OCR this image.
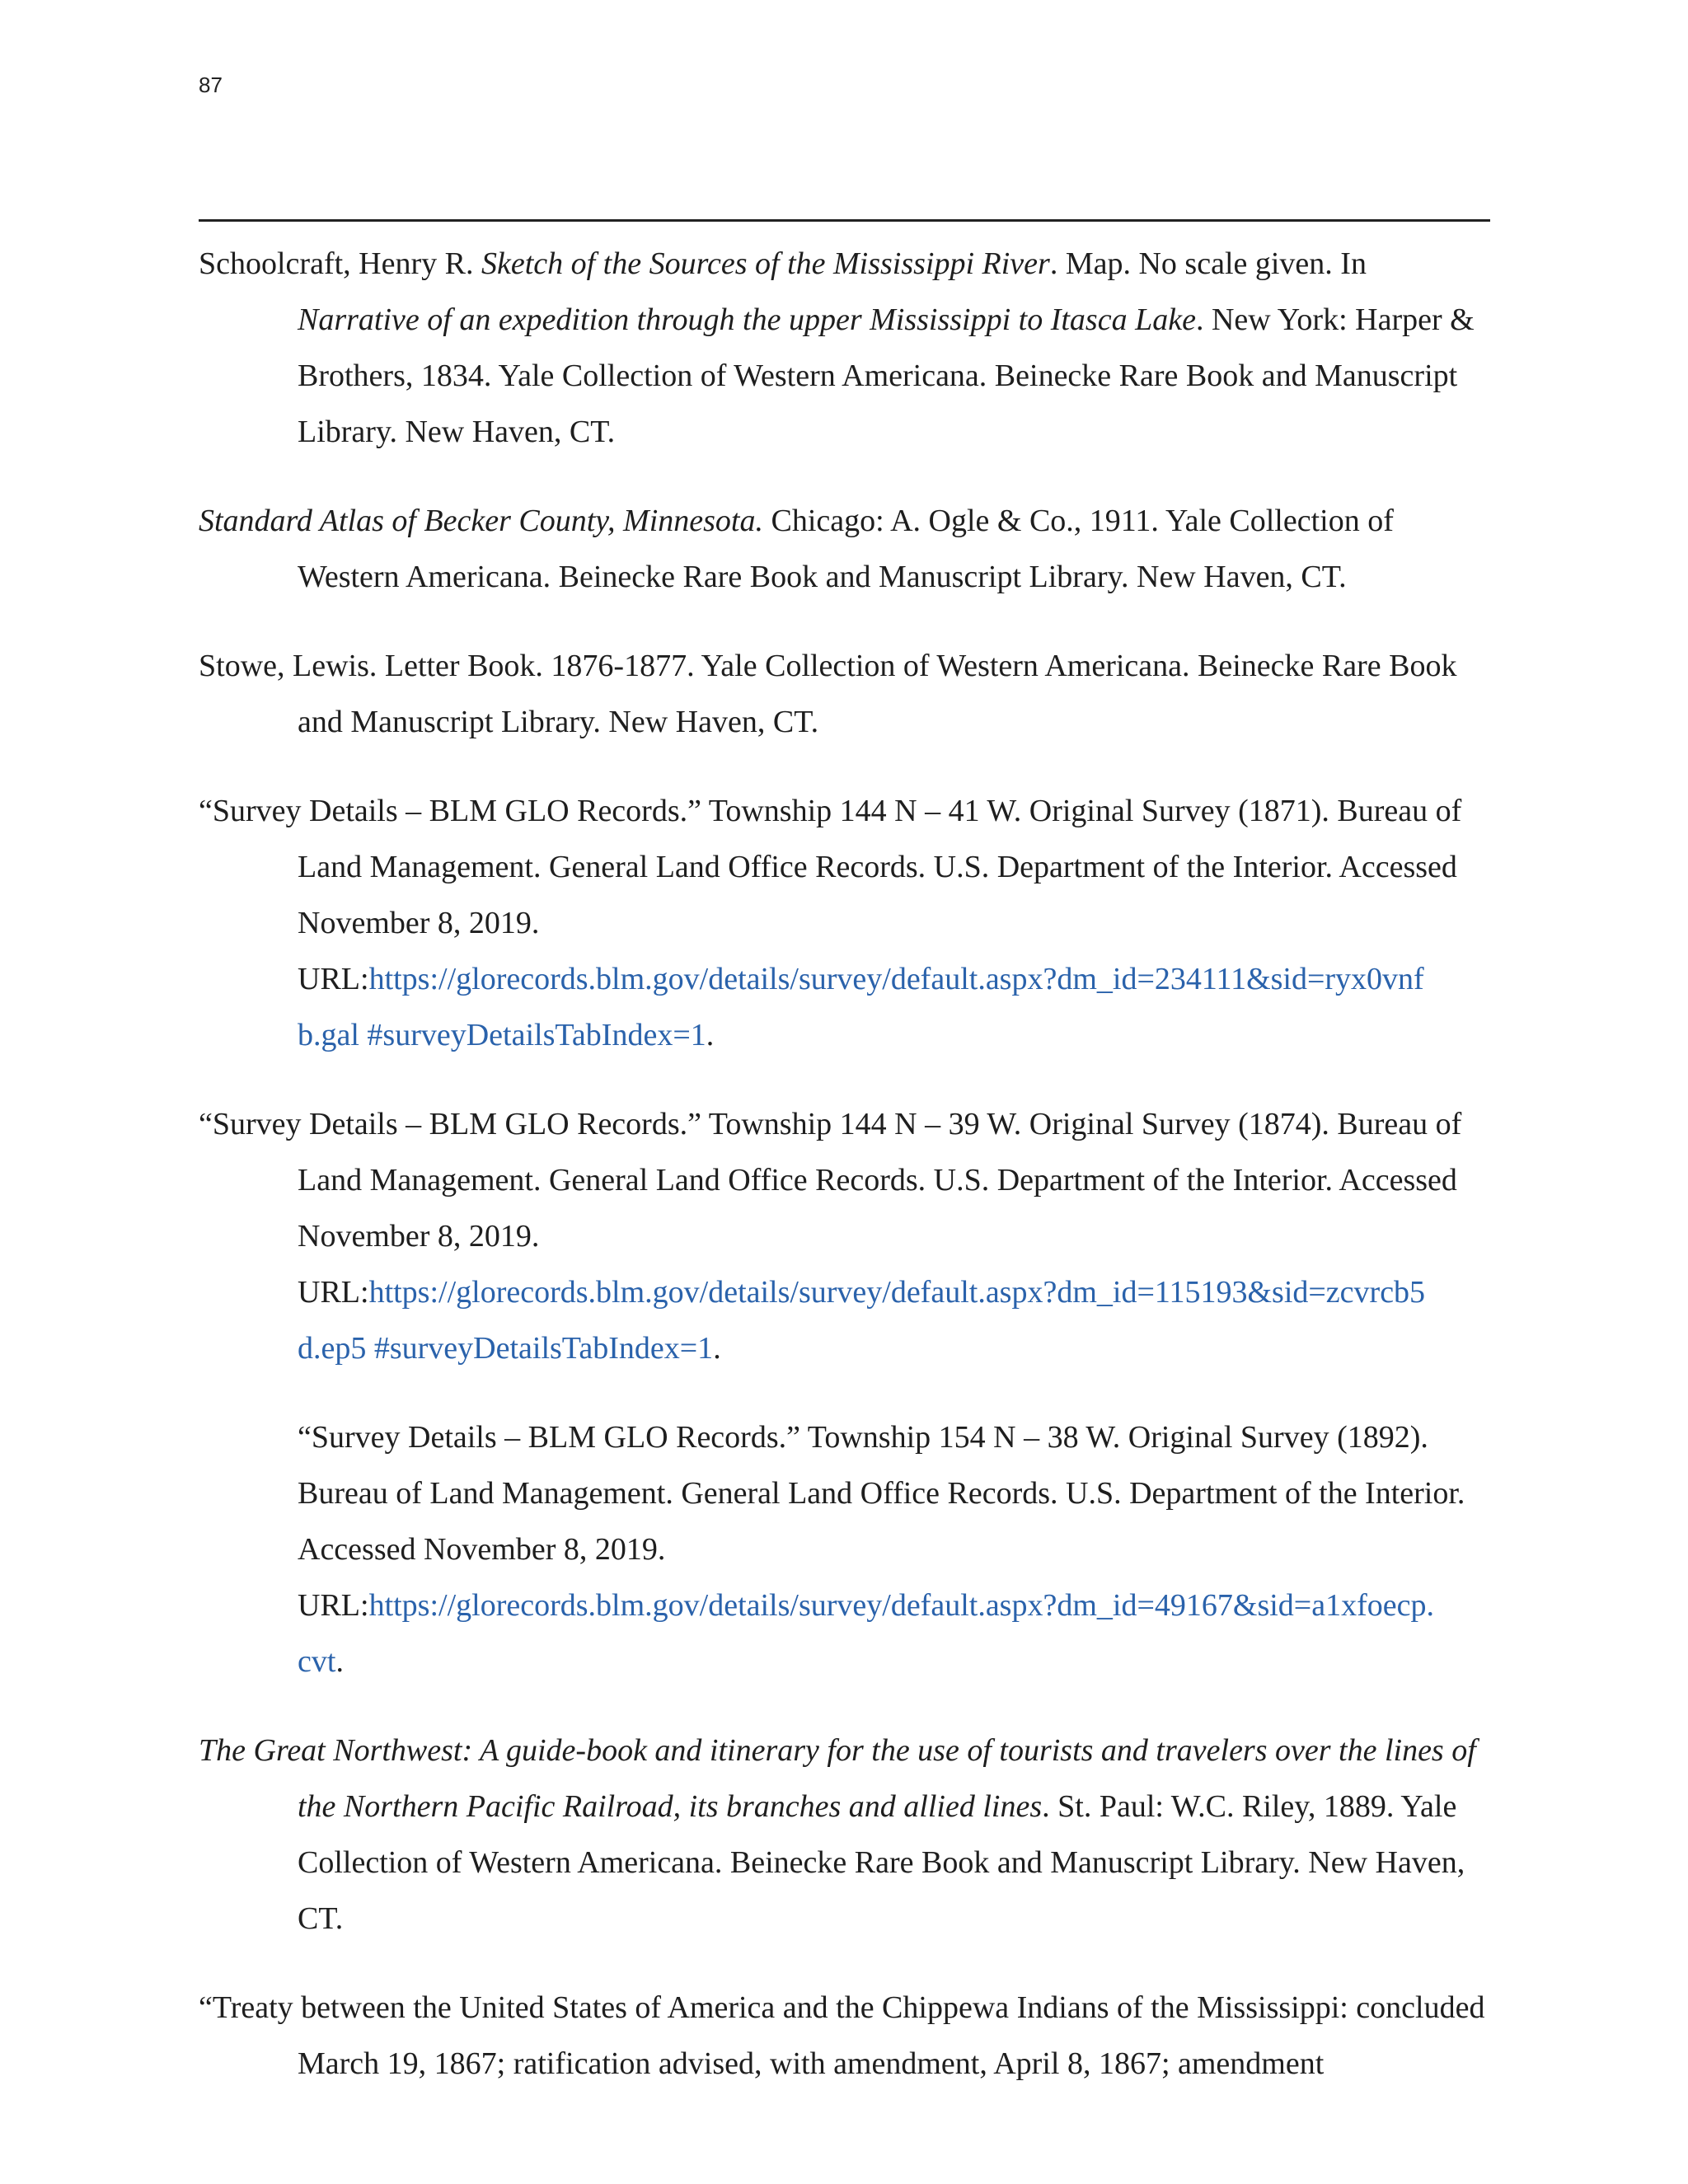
87

Schoolcraft, Henry R. Sketch of the Sources of the Mississippi River. Map. No scale given. In Narrative of an expedition through the upper Mississippi to Itasca Lake. New York: Harper & Brothers, 1834. Yale Collection of Western Americana. Beinecke Rare Book and Manuscript Library. New Haven, CT.

Standard Atlas of Becker County, Minnesota. Chicago: A. Ogle & Co., 1911. Yale Collection of Western Americana. Beinecke Rare Book and Manuscript Library. New Haven, CT.

Stowe, Lewis. Letter Book. 1876-1877. Yale Collection of Western Americana. Beinecke Rare Book and Manuscript Library. New Haven, CT.

“Survey Details – BLM GLO Records.” Township 144 N – 41 W. Original Survey (1871). Bureau of Land Management. General Land Office Records. U.S. Department of the Interior. Accessed November 8, 2019.
URL:https://glorecords.blm.gov/details/survey/default.aspx?dm_id=234111&sid=ryx0vnf
b.gal #surveyDetailsTabIndex=1.

“Survey Details – BLM GLO Records.” Township 144 N – 39 W. Original Survey (1874). Bureau of Land Management. General Land Office Records. U.S. Department of the Interior. Accessed November 8, 2019.
URL:https://glorecords.blm.gov/details/survey/default.aspx?dm_id=115193&sid=zcvrcb5
d.ep5 #surveyDetailsTabIndex=1.

“Survey Details – BLM GLO Records.” Township 154 N – 38 W. Original Survey (1892). Bureau of Land Management. General Land Office Records. U.S. Department of the Interior. Accessed November 8, 2019.
URL:https://glorecords.blm.gov/details/survey/default.aspx?dm_id=49167&sid=a1xfoecp.
cvt.

The Great Northwest: A guide-book and itinerary for the use of tourists and travelers over the lines of the Northern Pacific Railroad, its branches and allied lines. St. Paul: W.C. Riley, 1889. Yale Collection of Western Americana. Beinecke Rare Book and Manuscript Library. New Haven, CT.

“Treaty between the United States of America and the Chippewa Indians of the Mississippi: concluded March 19, 1867; ratification advised, with amendment, April 8, 1867; amendment
